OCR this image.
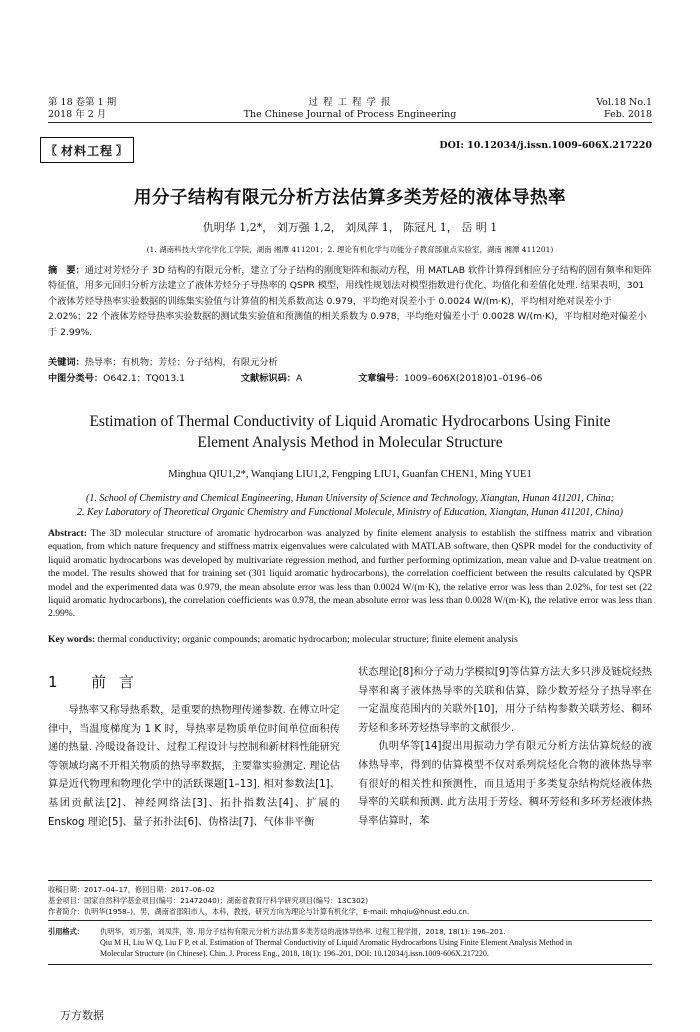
第 18 卷第 1 期
2018 年 2 月
过 程 工 程 学 报
The Chinese Journal of Process Engineering
Vol.18 No.1
Feb. 2018
〖 材料工程 〗	DOI: 10.12034/j.issn.1009-606X.217220
用分子结构有限元分析方法估算多类芳烃的液体导热率
仇明华 1,2*， 刘万强 1,2， 刘凤萍 1， 陈冠凡 1， 岳 明 1
(1. 湖南科技大学化学化工学院，湖南 湘潭 411201；2. 理论有机化学与功能分子教育部重点实验室，湖南 湘潭 411201)
摘　要：通过对芳烃分子 3D 结构的有限元分析，建立了分子结构的刚度矩阵和振动方程，用 MATLAB 软件计算得到相应分子结构的固有频率和矩阵特征值，用多元回归分析方法建立了液体芳烃分子导热率的 QSPR 模型，用线性规划法对模型指数进行优化、均值化和差值化处理. 结果表明，301 个液体芳烃导热率实验数据的训练集实验值与计算值的相关系数高达 0.979，平均绝对误差小于 0.0024 W/(m·K)，平均相对绝对误差小于 2.02%；22 个液体芳烃导热率实验数据的测试集实验值和预测值的相关系数为 0.978，平均绝对偏差小于 0.0028 W/(m·K)，平均相对绝对偏差小于 2.99%.
关键词：热导率；有机物；芳烃；分子结构，有限元分析
中图分类号：O642.1；TQ013.1	文献标识码：A	文章编号：1009–606X(2018)01–0196–06
Estimation of Thermal Conductivity of Liquid Aromatic Hydrocarbons Using Finite
Element Analysis Method in Molecular Structure
Minghua QIU1,2*, Wanqiang LIU1,2, Fengping LIU1, Guanfan CHEN1, Ming YUE1
(1. School of Chemistry and Chemical Engineering, Hunan University of Science and Technology, Xiangtan, Hunan 411201, China;
2. Key Laboratory of Theoretical Organic Chemistry and Functional Molecule, Ministry of Education, Xiangtan, Hunan 411201, China)
Abstract: The 3D molecular structure of aromatic hydrocarbon was analyzed by finite element analysis to establish the stiffness matrix and vibration equation, from which nature frequency and stiffness matrix eigenvalues were calculated with MATLAB software, then QSPR model for the conductivity of liquid aromatic hydrocarbons was developed by multivariate regression method, and further performing optimization, mean value and D-value treatment on the model. The results showed that for training set (301 liquid aromatic hydrocarbons), the correlation coefficient between the results calculated by QSPR model and the experimented data was 0.979, the mean absolute error was less than 0.0024 W/(m·K), the relative error was less than 2.02%, for test set (22 liquid aromatic hydrocarbons), the correlation coefficients was 0.978, the mean absolute error was less than 0.0028 W/(m·K), the relative error was less than 2.99%.
Key words: thermal conductivity; organic compounds; aromatic hydrocarbon; molecular structure; finite element analysis
1 前 言

导热率又称导热系数，是重要的热物理传递参数. 在傅立叶定律中，当温度梯度为 1 K 时，导热率是物质单位时间单位面积传递的热量. 冷暖设备设计、过程工程设计与控制和新材料性能研究等领域均离不开相关物质的热导率数据，主要靠实验测定. 理论估算是近代物理和物理化学中的活跃课题[1–13]. 相对参数法[1]、基团贡献法[2]、神经网络法[3]、拓扑指数法[4]、扩展的 Enskog 理论[5]、量子拓扑法[6]、伪格法[7]、气体非平衡

状态理论[8]和分子动力学模拟[9]等估算方法大多只涉及链烷烃热导率和离子液体热导率的关联和估算，除少数芳烃分子热导率在一定温度范围内的关联外[10]，用分子结构参数关联芳烃、稠环芳烃和多环芳烃热导率的文献很少.

仇明华等[14]提出用振动力学有限元分析方法估算烷烃的液体热导率，得到的估算模型不仅对系列烷烃化合物的液体热导率有很好的相关性和预测性，而且适用于多类复杂结构烷烃液体热导率的关联和预测. 此方法用于芳烃、稠环芳烃和多环芳烃液体热导率估算时，苯

收稿日期：2017–04–17，修回日期：2017–06–02
基金项目：国家自然科学基金项目(编号：21472040)；湖南省教育厅科学研究项目(编号：13C302)
作者简介：仇明华(1958–)，男，湖南省邵阳市人，本科，教授，研究方向为理论与计算有机化学，E-mail: mhqiu@hnust.edu.cn.
引用格式：	仇明华，刘万强，刘凤萍，等. 用分子结构有限元分析方法估算多类芳烃的液体导热率. 过程工程学报，2018, 18(1): 196–201.
Qiu M H, Liu W Q, Liu F P, et al. Estimation of Thermal Conductivity of Liquid Aromatic Hydrocarbons Using Finite Element Analysis Method in
Molecular Structure (in Chinese). Chin. J. Process Eng., 2018, 18(1): 196–201, DOI: 10.12034/j.issn.1009-606X.217220.
万方数据
